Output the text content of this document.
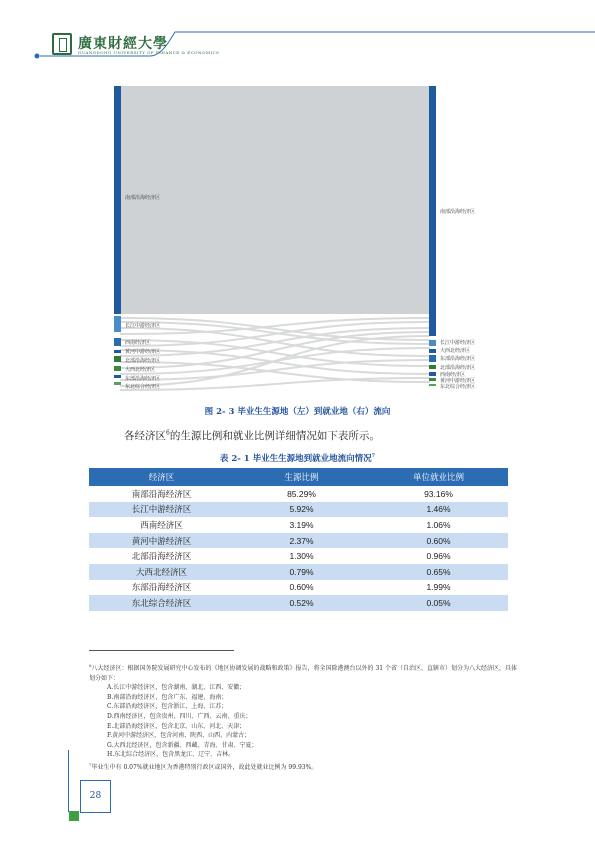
廣東財經大學
GUANGDONG UNIVERSITY OF FINANCE & ECONOMICS
南部沿海经济区
长江中游经济区
西南经济区
黄河中游经济区
北部沿海经济区
大西北经济区
东部沿海经济区
东北综合经济区
南部沿海经济区
长江中游经济区
大西北经济区
东部沿海经济区
北部沿海经济区
西南经济区
黄河中游经济区
东北综合经济区
图 2- 3 毕业生生源地（左）到就业地（右）流向
各经济区$^6$的生源比例和就业比例详细情况如下表所示。
表 2- 1 毕业生生源地到就业地流向情况$^7$
经济区	生源比例	单位就业比例
南部沿海经济区	85.29%	93.16%
长江中游经济区	5.92%	1.46%
西南经济区	3.19%	1.06%
黄河中游经济区	2.37%	0.60%
北部沿海经济区	1.30%	0.96%
大西北经济区	0.79%	0.65%
东部沿海经济区	0.60%	1.99%
东北综合经济区	0.52%	0.05%
$^6$八大经济区：根据国务院发展研究中心发布的《地区协调发展的战略和政策》报告，将全国除港澳台以外的 31 个省（自治区、直辖市）划分为八大经济区，具体划分如下：
A.长江中游经济区，包含湖南、湖北、江西、安徽；
B.南部沿海经济区，包含广东、福建、海南；
C.东部沿海经济区，包含浙江、上海、江苏；
D.西南经济区，包含贵州、四川、广西、云南、重庆；
E.北部沿海经济区，包含北京、山东、河北、天津；
F.黄河中游经济区，包含河南、陕西、山西、内蒙古；
G.大西北经济区，包含新疆、西藏、青海、甘肃、宁夏；
H.东北综合经济区，包含黑龙江、辽宁、吉林。
$^7$毕业生中有 0.07%就业地区为香港特别行政区或国外，故此处就业比例为 99.93%。
28
